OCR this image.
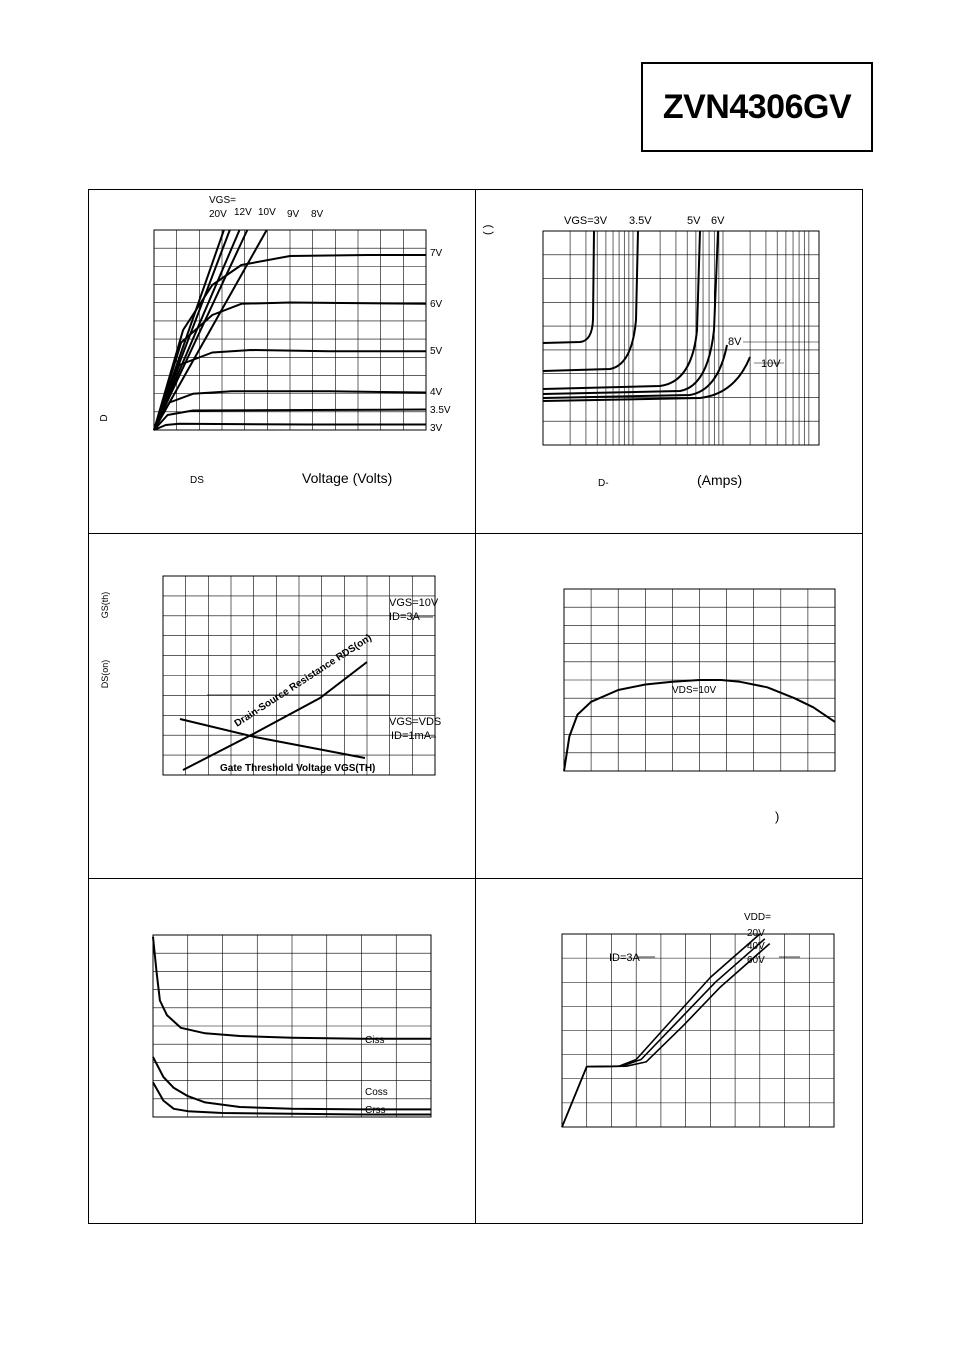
ZVN4306GV
VGS=
20V 12V 10V 9V 8V
7V
6V
5V
4V
3.5V
3V
D
DS	Voltage (Volts)
( )
VGS=3V 3.5V	5V 6V
8V
10V
D-	(Amps)
GS(th)
DS(on)	Drain-Source Resistance RDS(on)
VGS=10V
ID=3A
VGS=VDS
ID=1mA
Gate Threshold Voltage VGS(TH)
VDS=10V
)
Ciss
Coss
Crss
VDD=
20V
40V
60V
ID=3A
